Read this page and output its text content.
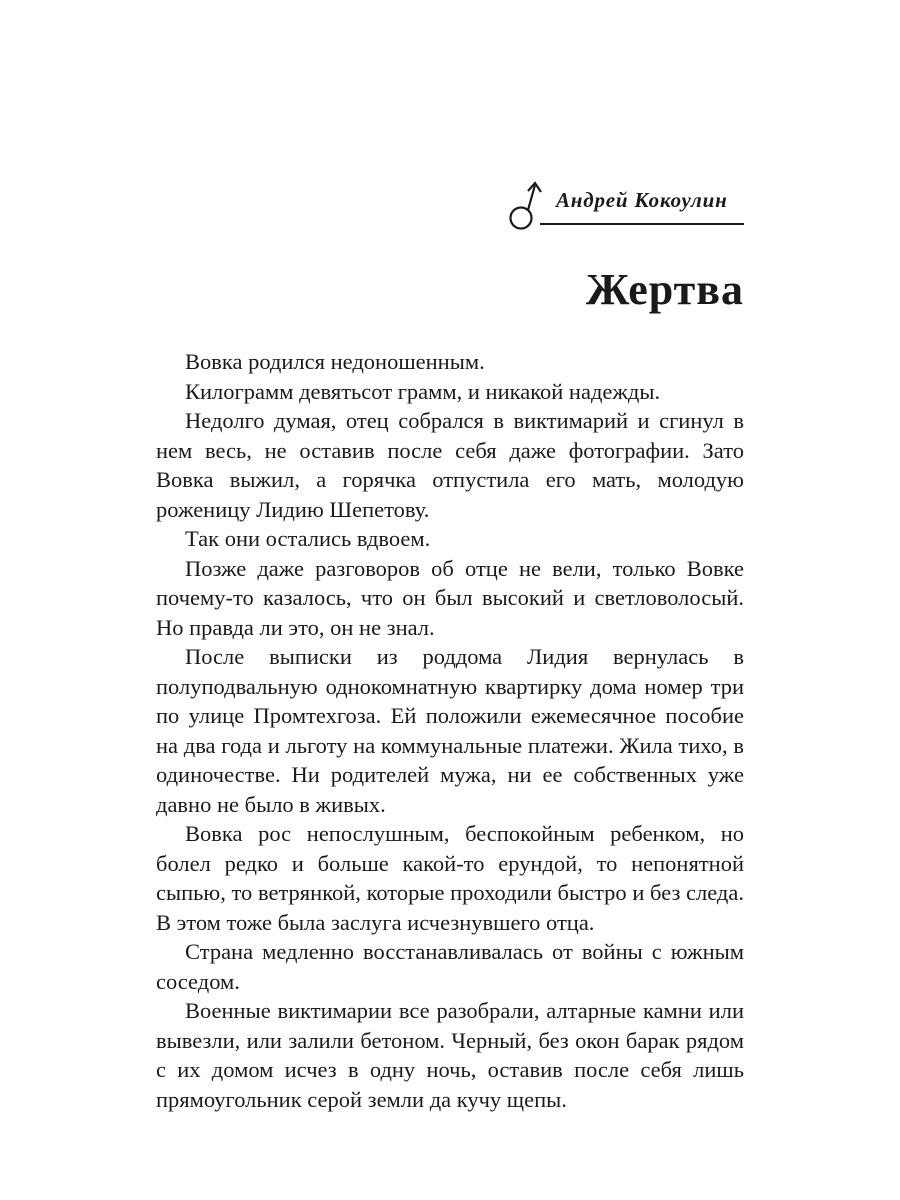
Андрей Кокоулин
Жертва

Вовка родился недоношенным.

Килограмм девятьсот грамм, и никакой надежды.

Недолго думая, отец собрался в виктимарий и сгинул в нем весь, не оставив после себя даже фотографии. Зато Вовка выжил, а горячка отпустила его мать, молодую роженицу Лидию Шепетову.

Так они остались вдвоем.

Позже даже разговоров об отце не вели, только Вовке почему-то казалось, что он был высокий и светловолосый. Но правда ли это, он не знал.

После выписки из роддома Лидия вернулась в полуподвальную однокомнатную квартирку дома номер три по улице Промтехгоза. Ей положили ежемесячное пособие на два года и льготу на коммунальные платежи. Жила тихо, в одиночестве. Ни родителей мужа, ни ее собственных уже давно не было в живых.

Вовка рос непослушным, беспокойным ребенком, но болел редко и больше какой-то ерундой, то непонятной сыпью, то ветрянкой, которые проходили быстро и без следа. В этом тоже была заслуга исчезнувшего отца.

Страна медленно восстанавливалась от войны с южным соседом.

Военные виктимарии все разобрали, алтарные камни или вывезли, или залили бетоном. Черный, без окон барак рядом с их домом исчез в одну ночь, оставив после себя лишь прямоугольник серой земли да кучу щепы.
